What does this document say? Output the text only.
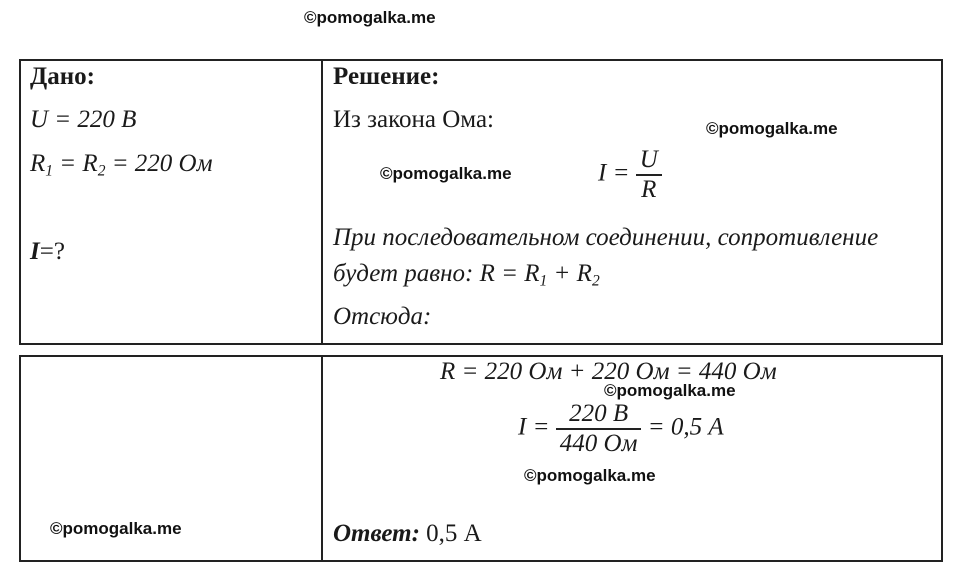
©pomogalka.me
©pomogalka.me
©pomogalka.me
©pomogalka.me
©pomogalka.me
©pomogalka.me
Дано:	Решение:
U = 220 В
$R_1 = R_2 = 220$ Ом
I=?
Из закона Ома:
$I = \frac{U}{R}$
При последовательном соединении, сопротивление
будет равно: $R = R_1 + R_2$
Отсюда:
R = 220 Ом + 220 Ом = 440 Ом
$I = \frac{220 В}{440 Ом} = 0,5$ А
Ответ: 0,5 А
